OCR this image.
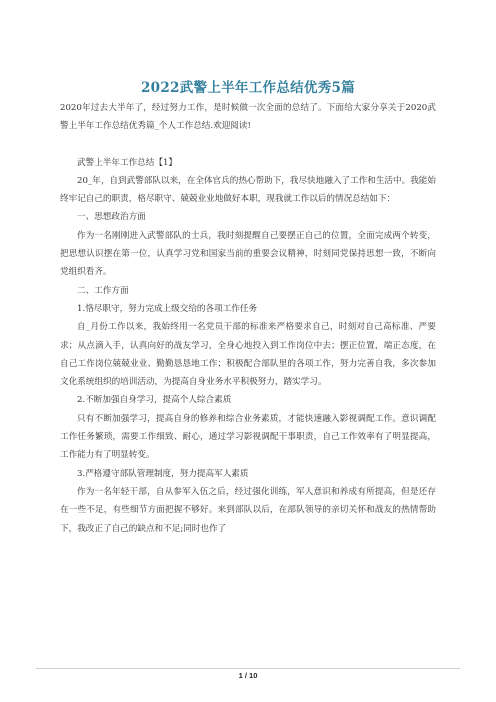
2022武警上半年工作总结优秀5篇

2020年过去大半年了，经过努力工作，是时候做一次全面的总结了。下面给大家分享关于2020武警上半年工作总结优秀篇_个人工作总结.欢迎阅读!

武警上半年工作总结【1】

20_年，自到武警部队以来，在全体官兵的热心帮助下，我尽快地融入了工作和生活中。我能始终牢记自己的职责，格尽职守、兢兢业业地做好本职，现我就工作以后的情况总结如下：

一、思想政治方面

作为一名刚刚进入武警部队的士兵，我时刻提醒自己要摆正自己的位置，全面完成两个转变，把思想认识摆在第一位，认真学习党和国家当前的重要会议精神，时刻同党保持思想一致，不断向党组织看齐。

二、工作方面

1.恪尽职守，努力完成上级交给的各项工作任务

自_月份工作以来，我始终用一名党员干部的标准来严格要求自己，时刻对自己高标准、严要求；从点滴入手，认真向好的战友学习，全身心地投入到工作岗位中去；摆正位置，端正态度，在自己工作岗位兢兢业业、勤勤恳恳地工作；积极配合部队里的各项工作，努力完善自我，多次参加文化系统组织的培训活动，为提高自身业务水平积极努力，踏实学习。

2.不断加强自身学习，提高个人综合素质

只有不断加强学习，提高自身的修养和综合业务素质，才能快速融入影视调配工作。意识调配工作任务繁琐，需要工作细致、耐心，通过学习影视调配干事职责，自己工作效率有了明显提高，工作能力有了明显转变。

3.严格遵守部队管理制度，努力提高军人素质

作为一名年轻干部，自从参军入伍之后，经过强化训练，军人意识和养成有所提高，但是还存在一些不足，有些细节方面把握不够好。来到部队以后，在部队领导的亲切关怀和战友的热情帮助下，我改正了自己的缺点和不足;同时也作了

1 / 10
